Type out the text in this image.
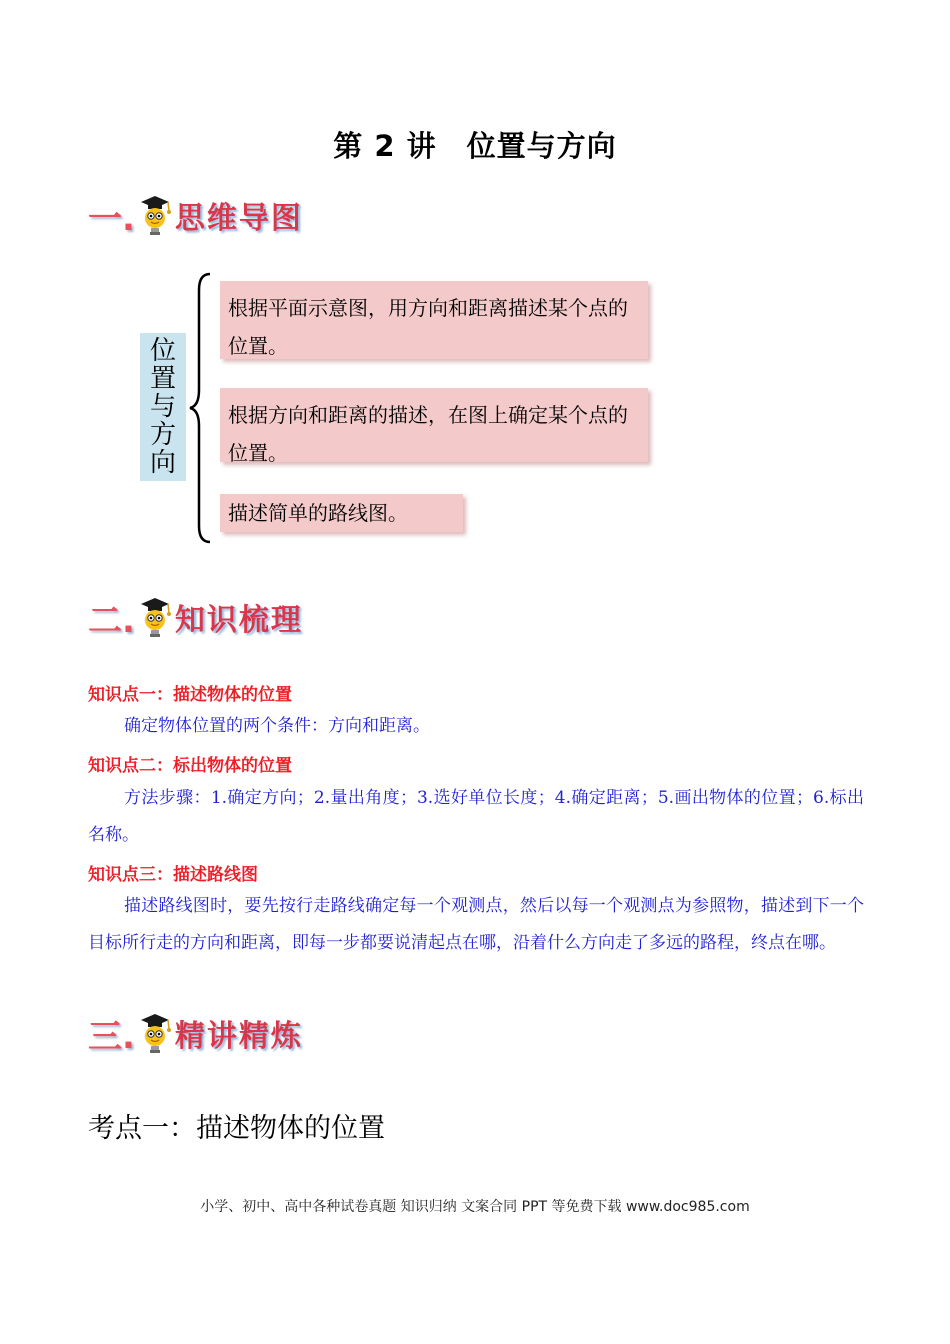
第 2 讲 位置与方向
一. 思维导图
位
置
与
方
向
根据平面示意图，用方向和距离描述某个点的位置。
根据方向和距离的描述，在图上确定某个点的位置。
描述简单的路线图。
二. 知识梳理
知识点一：描述物体的位置
确定物体位置的两个条件：方向和距离。
知识点二：标出物体的位置
方法步骤：1.确定方向；2.量出角度；3.选好单位长度；4.确定距离；5.画出物体的位置；6.标出名称。
知识点三：描述路线图
描述路线图时，要先按行走路线确定每一个观测点，然后以每一个观测点为参照物，描述到下一个目标所行走的方向和距离，即每一步都要说清起点在哪，沿着什么方向走了多远的路程，终点在哪。
三. 精讲精炼
考点一：描述物体的位置
小学、初中、高中各种试卷真题 知识归纳 文案合同 PPT 等免费下载 www.doc985.com
